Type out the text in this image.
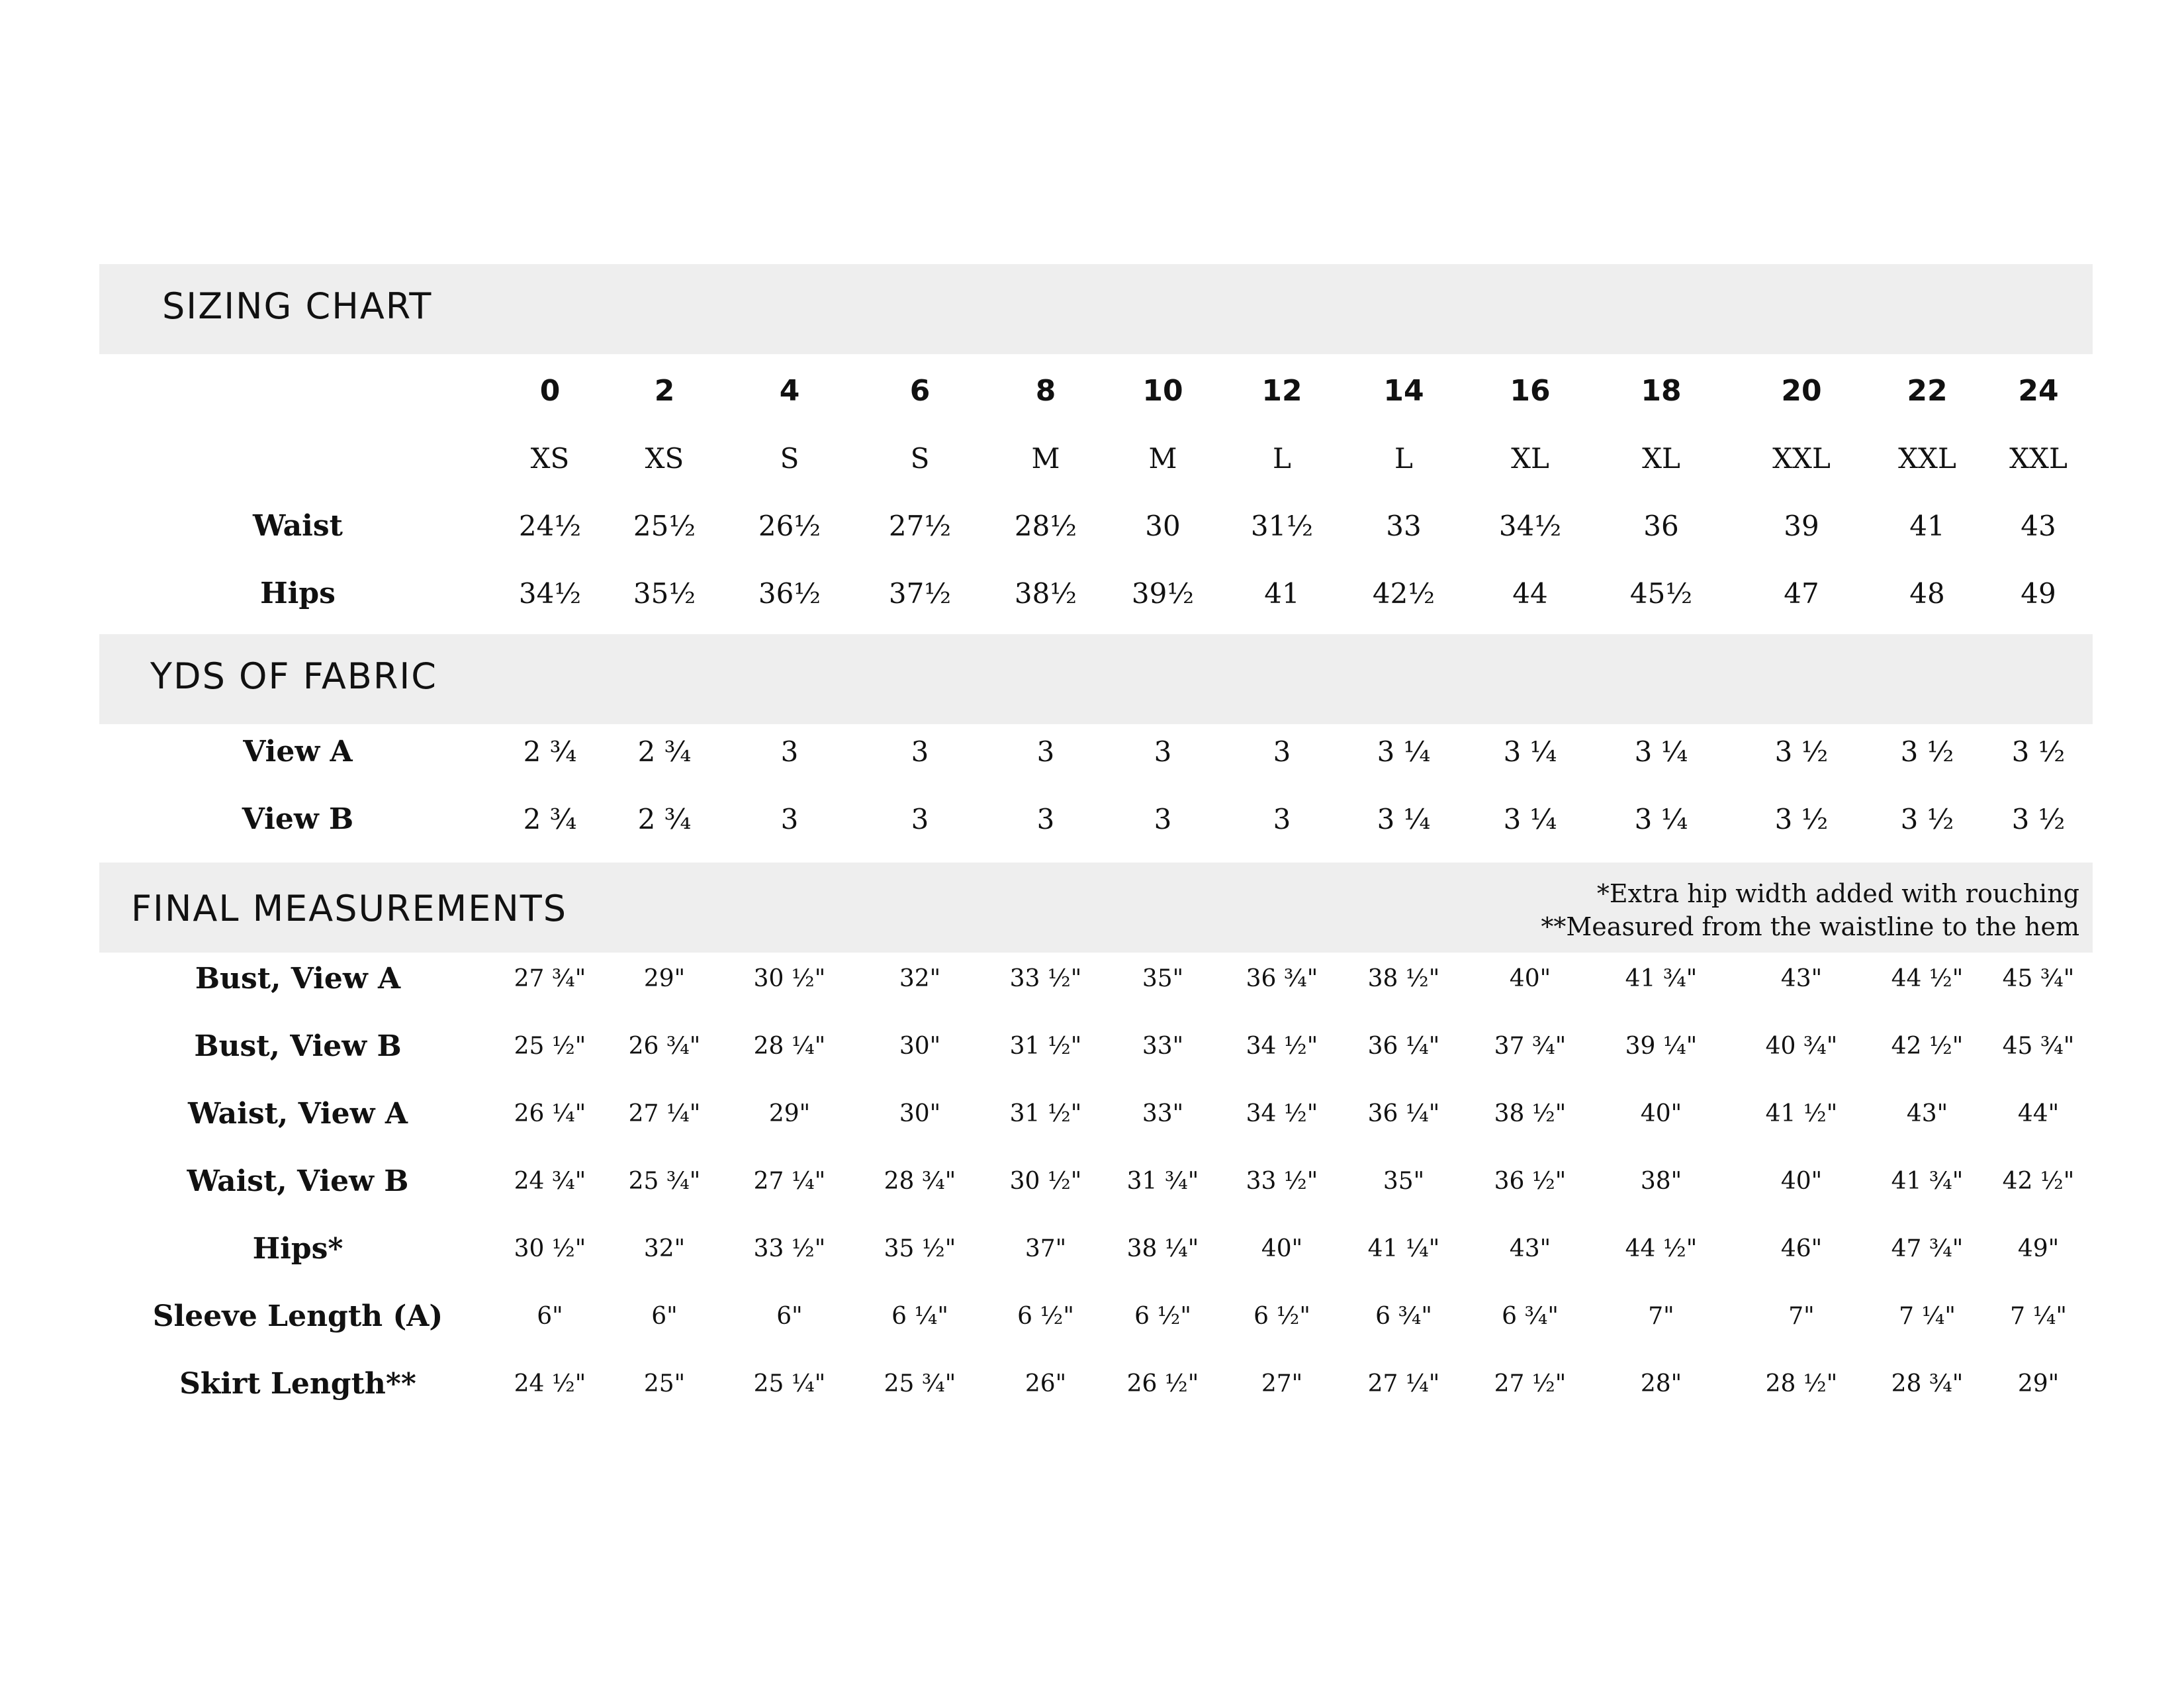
SIZING CHART
YDS OF FABRIC
FINAL MEASUREMENTS	*Extra hip width added with rouching
**Measured from the waistline to the hem
0	2	4	6	8	10	12	14	16	18	20	22 24
XS	XS	S	S	M	M	L	L	XL	XL	XXL XXL XXL
Waist	24½ 25½ 26½ 27½ 28½ 30	31½	33	34½	36	39	41	43
Hips	34½ 35½ 36½ 37½ 38½ 39½	41	42½	44	45½	47	48	49
View A	2 ¾ 2 ¾	3	3	3	3	3	3 ¼	3 ¼	3 ¼	3 ½	3 ½ 3 ½
View B	2 ¾ 2 ¾	3	3	3	3	3	3 ¼	3 ¼	3 ¼	3 ½	3 ½ 3 ½
Bust, View A	27 ¾" 29"	30 ½"	32"	33 ½"	35"	36 ¾" 38 ½"	40"	41 ¾"	43"	44 ½" 45 ¾"
Bust, View B	25 ½" 26 ¾" 28 ¼"	30"	31 ½"	33"	34 ½" 36 ¼" 37 ¾" 39 ¼"	40 ¾" 42 ½" 45 ¾"
Waist, View A	26 ¼" 27 ¼"	29"	30"	31 ½"	33"	34 ½" 36 ¼" 38 ½"	40"	41 ½"	43"	44"
Waist, View B	24 ¾" 25 ¾" 27 ¼" 28 ¾" 30 ½" 31 ¾" 33 ½"	35"	36 ½"	38"	40"	41 ¾" 42 ½"
Hips*	30 ½" 32"	33 ½" 35 ½"	37"	38 ¼"	40"	41 ¼"	43"	44 ½"	46"	47 ¾" 49"
Sleeve Length (A)	6"	6"	6"	6 ¼"	6 ½"	6 ½"	6 ½"	6 ¾"	6 ¾"	7"	7"	7 ¼" 7 ¼"
Skirt Length**	24 ½" 25"	25 ¼" 25 ¾"	26"	26 ½"	27"	27 ¼" 27 ½"	28"	28 ½" 28 ¾" 29"
